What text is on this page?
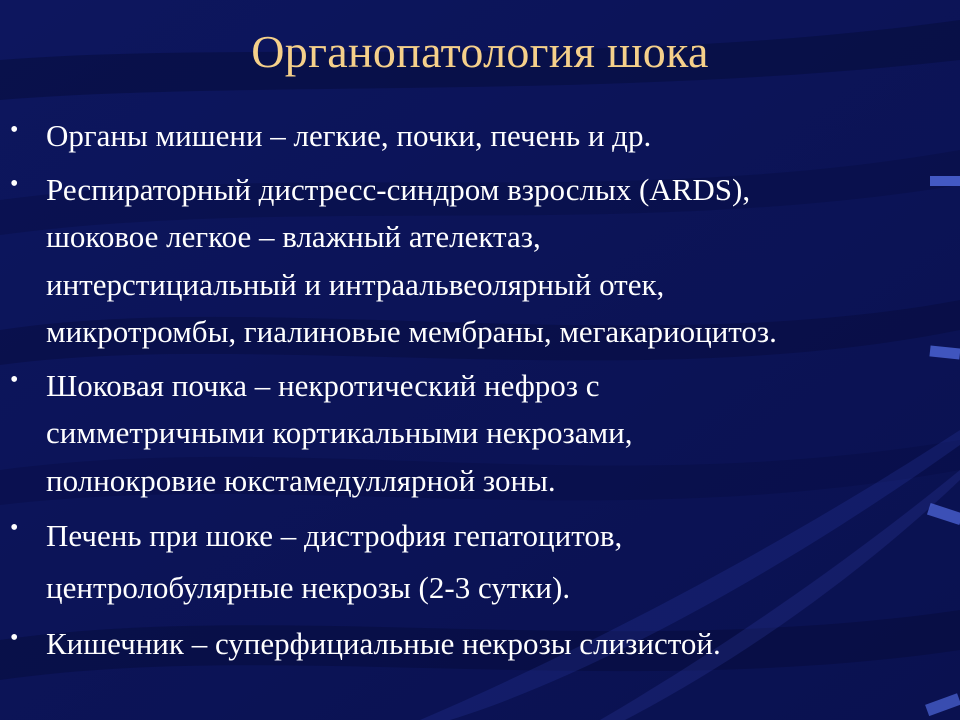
Органопатология шока
• Органы мишени – легкие, почки, печень и др.
• Респираторный дистресс-синдром взрослых (ARDS),
шоковое легкое – влажный ателектаз,
интерстициальный и интраальвеолярный отек,
микротромбы, гиалиновые мембраны, мегакариоцитоз.
• Шоковая почка – некротический нефроз с
симметричными кортикальными некрозами,
полнокровие юкстамедуллярной зоны.
• Печень при шоке – дистрофия гепатоцитов,
центролобулярные некрозы (2-3 сутки).
• Кишечник – суперфициальные некрозы слизистой.
